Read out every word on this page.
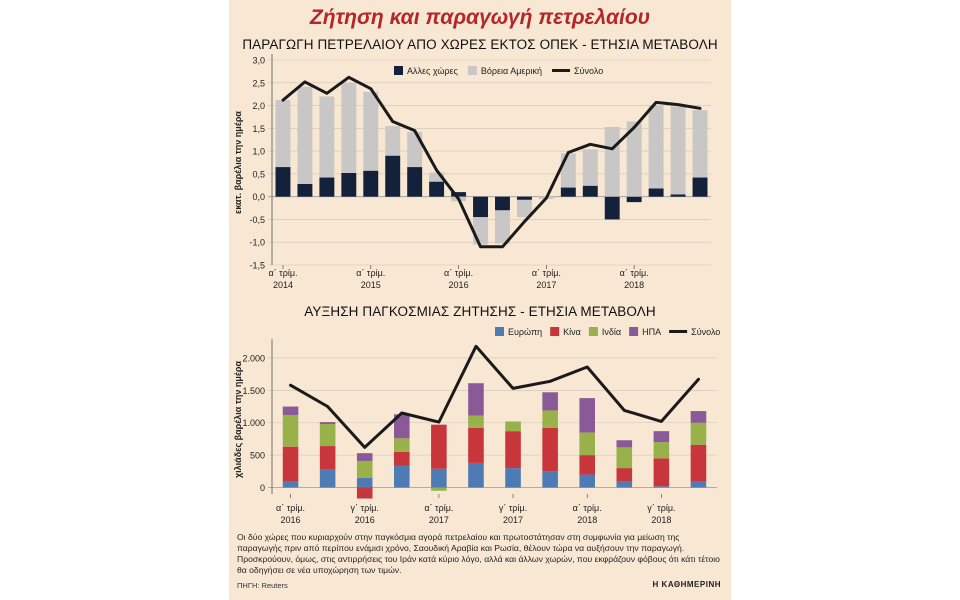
Ζήτηση και παραγωγή πετρελαίου
ΠΑΡΑΓΩΓΗ ΠΕΤΡΕΛΑΙΟΥ ΑΠΟ ΧΩΡΕΣ ΕΚΤΟΣ ΟΠΕΚ - ΕΤΗΣΙΑ ΜΕΤΑΒΟΛΗ
ΑΥΞΗΣΗ ΠΑΓΚΟΣΜΙΑΣ ΖΗΤΗΣΗΣ - ΕΤΗΣΙΑ ΜΕΤΑΒΟΛΗ
3,0
2,5
2,0
1,5
1,0
0,5
0,0
-0,5
-1,0
-1,5
εκατ. βαρέλια την ημέρα
α΄ τρίμ.
2014
α΄ τρίμ.
2015
α΄ τρίμ.
2016
α΄ τρίμ.
2017
α΄ τρίμ.
2018
Αλλες χώρες	Βόρεια Αμερική	Σύνολο
2.000
1.500
1.000
500
0
χιλιάδες βαρέλια την ημέρα
α΄ τρίμ.
2016
γ΄ τρίμ.
2016
α΄ τρίμ.
2017
γ΄ τρίμ.
2017
α΄ τρίμ.
2018
γ΄ τρίμ.
2018
Ευρώπη Κίνα Ινδία ΗΠΑ	Σύνολο
Οι δύο χώρες που κυριαρχούν στην παγκόσμια αγορά πετρελαίου και πρωτοστάτησαν στη συμφωνία για μείωση της παραγωγής πριν από περίπου ενάμισι χρόνο, Σαουδική Αραβία και Ρωσία, θέλουν τώρα να αυξήσουν την παραγωγή. Προσκρούουν, όμως, στις αντιρρήσεις του Ιράν κατά κύριο λόγο, αλλά και άλλων χωρών, που εκφράζουν φόβους ότι κάτι τέτοιο θα οδηγήσει σε νέα υποχώρηση των τιμών.
ΠΗΓΗ: Reuters	Η ΚΑΘΗΜΕΡΙΝΗ
